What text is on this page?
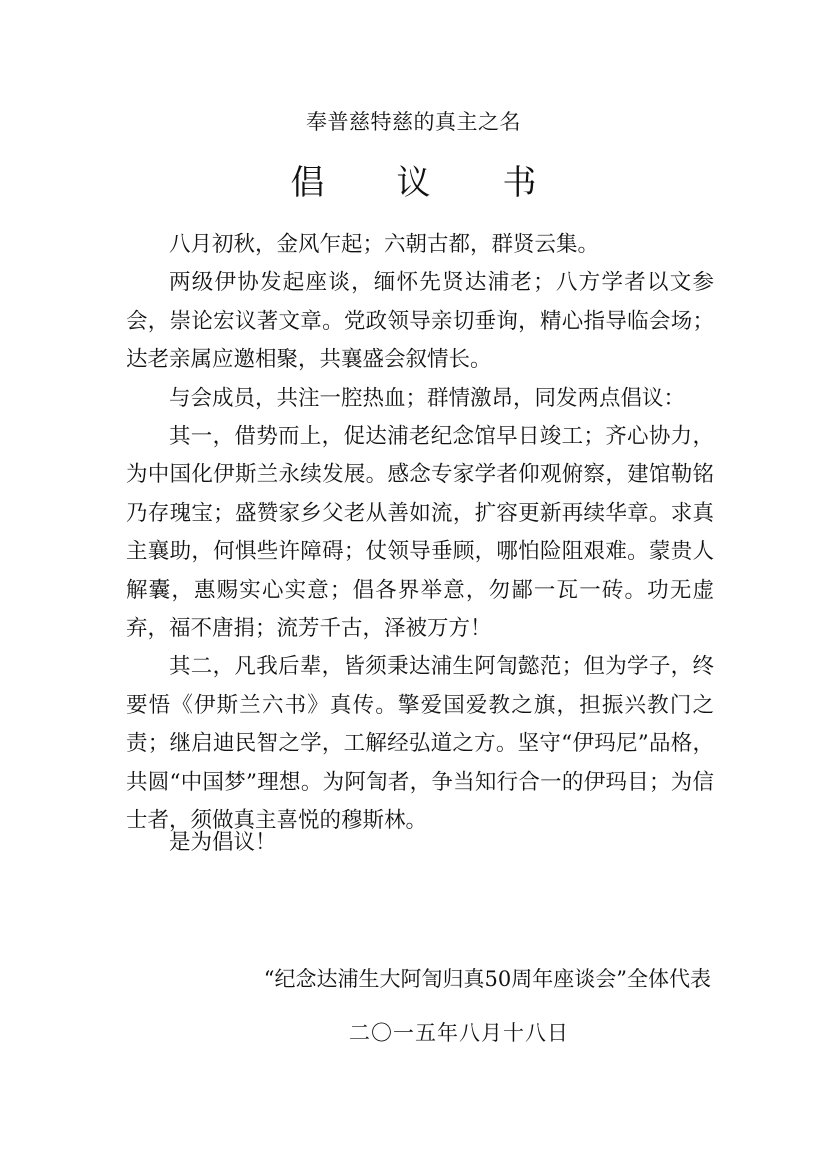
奉普慈特慈的真主之名
倡 议 书

八月初秋，金风乍起；六朝古都，群贤云集。

两级伊协发起座谈，缅怀先贤达浦老；八方学者以文参会，崇论宏议著文章。党政领导亲切垂询，精心指导临会场；达老亲属应邀相聚，共襄盛会叙情长。

与会成员，共注一腔热血；群情激昂，同发两点倡议：

其一，借势而上，促达浦老纪念馆早日竣工；齐心协力，为中国化伊斯兰永续发展。感念专家学者仰观俯察，建馆勒铭乃存瑰宝；盛赞家乡父老从善如流，扩容更新再续华章。求真主襄助，何惧些许障碍；仗领导垂顾，哪怕险阻艰难。蒙贵人解囊，惠赐实心实意；倡各界举意，勿鄙一瓦一砖。功无虚弃，福不唐捐；流芳千古，泽被万方！

其二，凡我后辈，皆须秉达浦生阿訇懿范；但为学子，终要悟《伊斯兰六书》真传。擎爱国爱教之旗，担振兴教门之责；继启迪民智之学，工解经弘道之方。坚守“伊玛尼”品格，共圆“中国梦”理想。为阿訇者，争当知行合一的伊玛目；为信士者，须做真主喜悦的穆斯林。

是为倡议！

“纪念达浦生大阿訇归真50周年座谈会”全体代表
二〇一五年八月十八日
